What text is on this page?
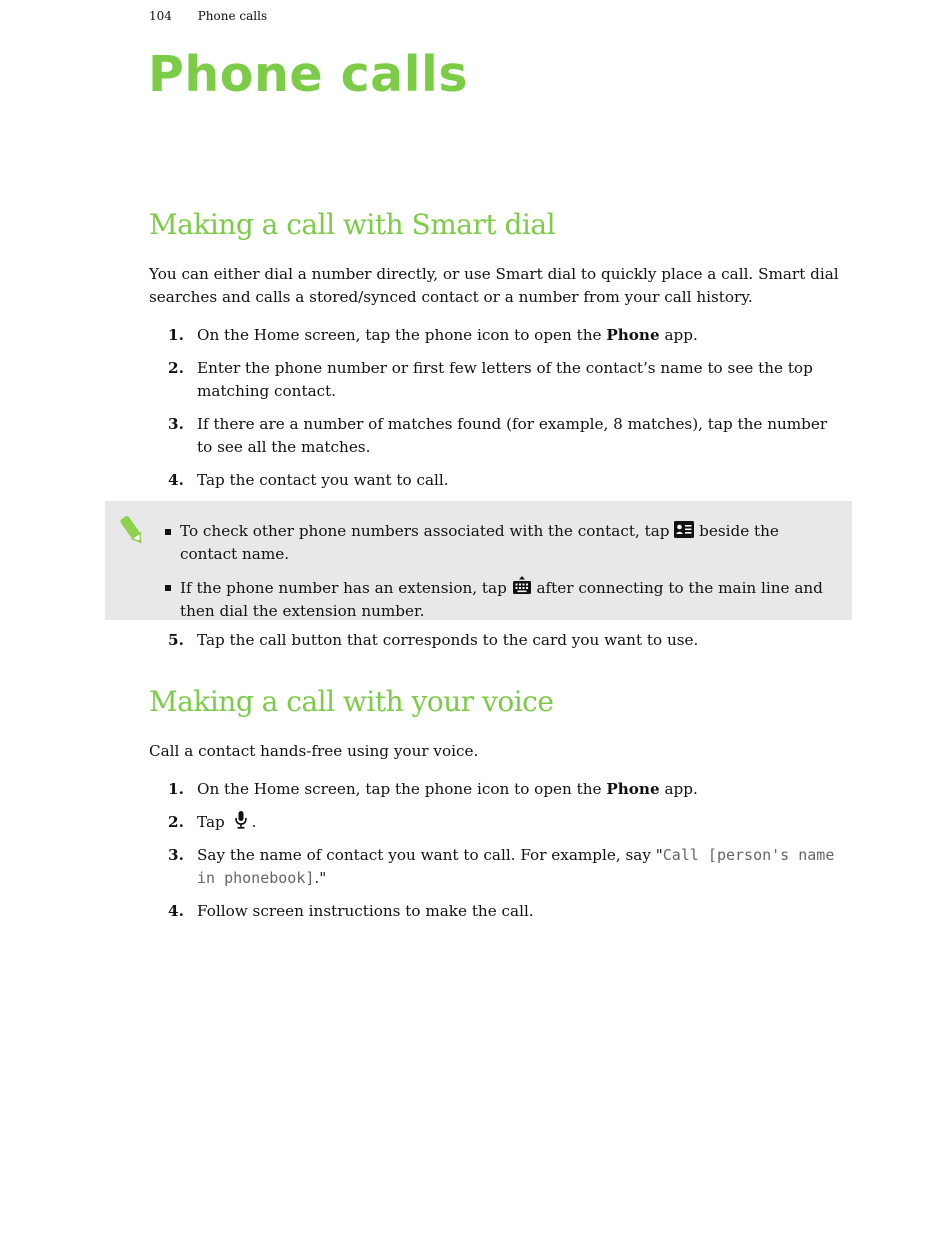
104 Phone calls
Phone calls
Making a call with Smart dial

You can either dial a number directly, or use Smart dial to quickly place a call. Smart dial searches and calls a stored/synced contact or a number from your call history.

1. On the Home screen, tap the phone icon to open the Phone app.
2. Enter the phone number or first few letters of the contact’s name to see the top matching contact.
3. If there are a number of matches found (for example, 8 matches), tap the number to see all the matches.
4. Tap the contact you want to call.
To check other phone numbers associated with the contact, tap  beside the contact name.
If the phone number has an extension, tap  after connecting to the main line and then dial the extension number.
5. Tap the call button that corresponds to the card you want to use.
Making a call with your voice

Call a contact hands-free using your voice.

1. On the Home screen, tap the phone icon to open the Phone app.
2. Tap .
3. Say the name of contact you want to call. For example, say "Call [person's name in phonebook]."
4. Follow screen instructions to make the call.
